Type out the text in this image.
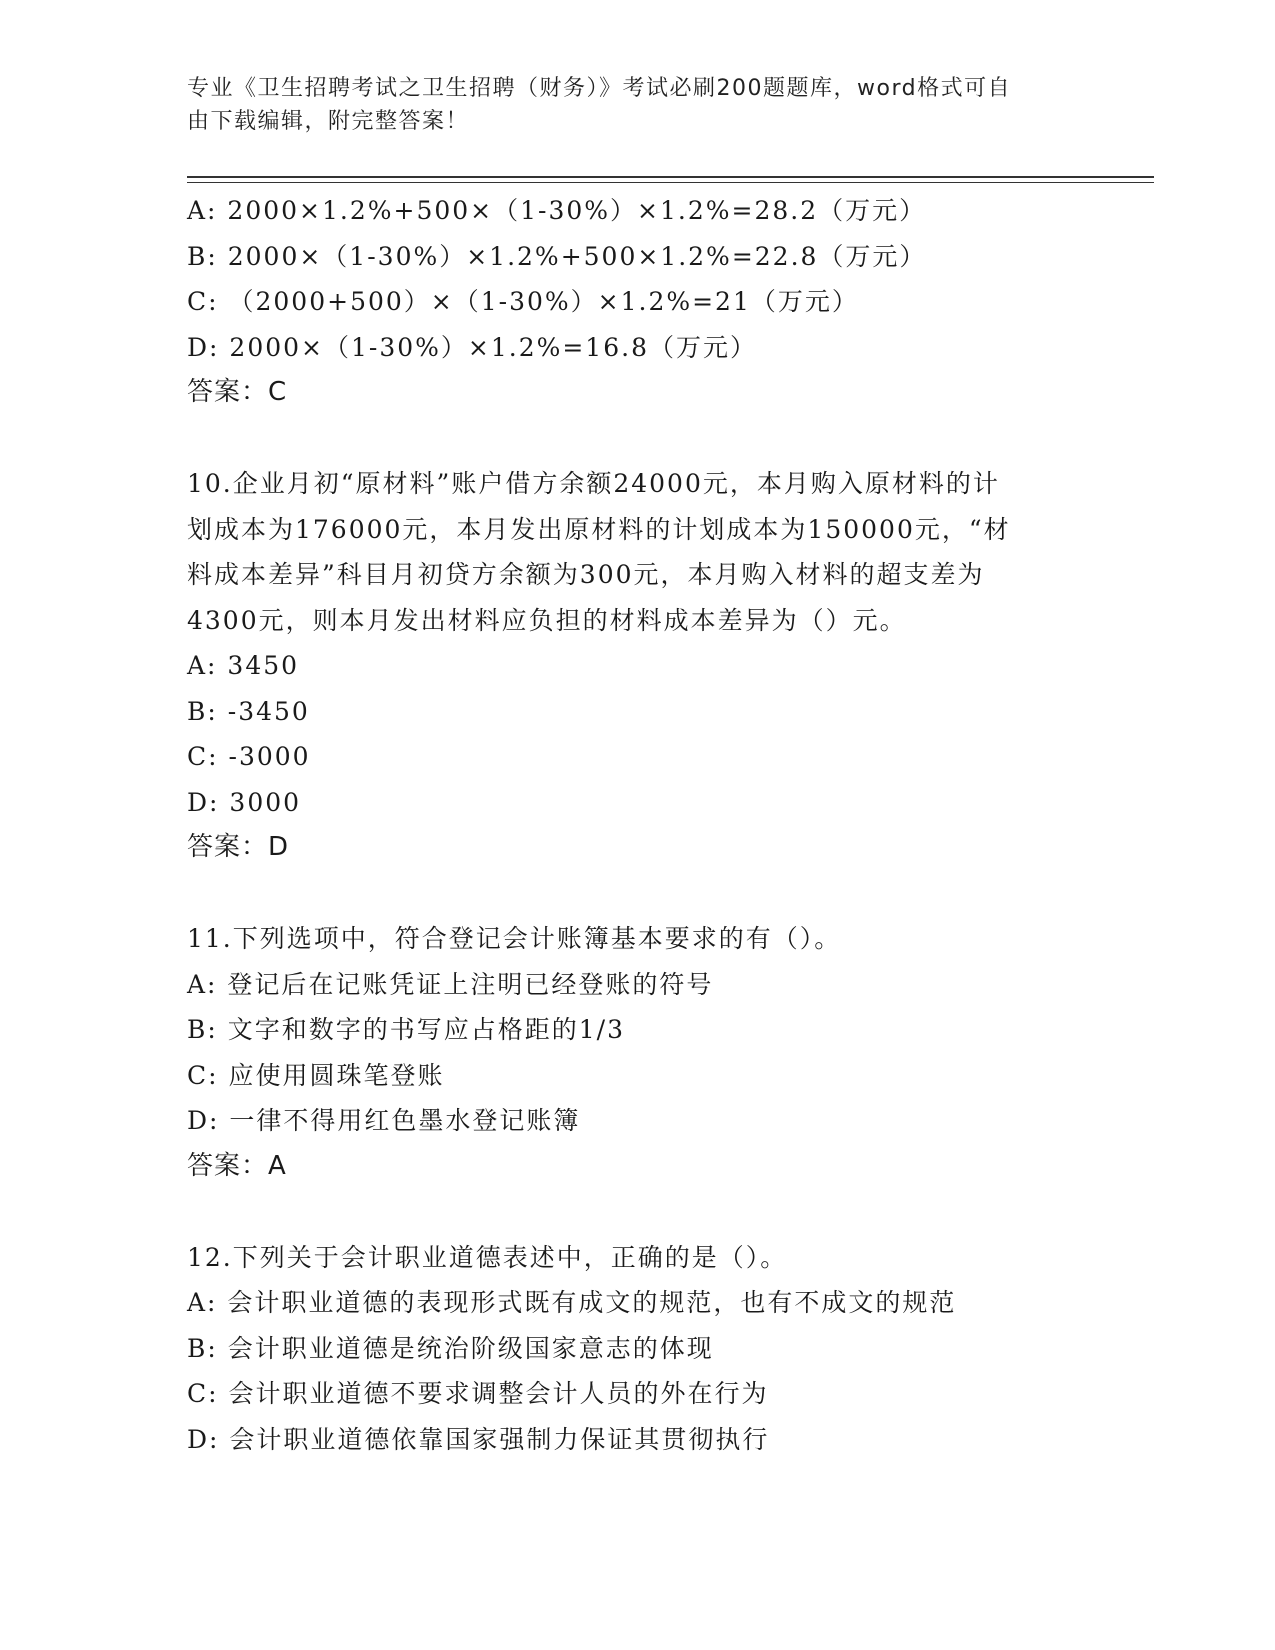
专业《卫生招聘考试之卫生招聘（财务）》考试必刷200题题库，word格式可自
由下载编辑，附完整答案！
A: 2000×1.2%+500×（1-30%）×1.2%=28.2（万元）
B: 2000×（1-30%）×1.2%+500×1.2%=22.8（万元）
C: （2000+500）×（1-30%）×1.2%=21（万元）
D: 2000×（1-30%）×1.2%=16.8（万元）
答案：C
10.企业月初“原材料”账户借方余额24000元，本月购入原材料的计
划成本为176000元，本月发出原材料的计划成本为150000元，“材
料成本差异”科目月初贷方余额为300元，本月购入材料的超支差为
4300元，则本月发出材料应负担的材料成本差异为（）元。
A: 3450
B: -3450
C: -3000
D: 3000
答案：D
11.下列选项中，符合登记会计账簿基本要求的有（）。
A: 登记后在记账凭证上注明已经登账的符号
B: 文字和数字的书写应占格距的1/3
C: 应使用圆珠笔登账
D: 一律不得用红色墨水登记账簿
答案：A
12.下列关于会计职业道德表述中，正确的是（）。
A: 会计职业道德的表现形式既有成文的规范，也有不成文的规范
B: 会计职业道德是统治阶级国家意志的体现
C: 会计职业道德不要求调整会计人员的外在行为
D: 会计职业道德依靠国家强制力保证其贯彻执行
